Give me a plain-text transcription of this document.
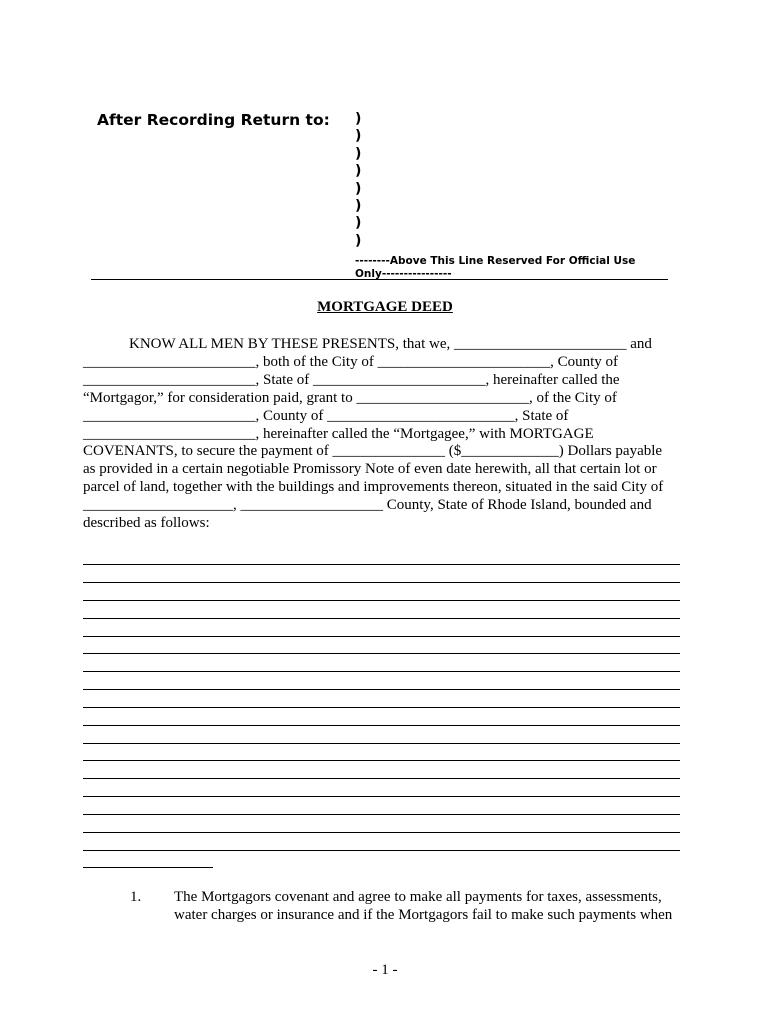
After Recording Return to: )
)
)
)
)
)
)
)
--------Above This Line Reserved For Official Use
Only----------------
MORTGAGE DEED
KNOW ALL MEN BY THESE PRESENTS, that we, _______________________ and
_______________________, both of the City of _______________________, County of
_______________________, State of _______________________, hereinafter called the
“Mortgagor,” for consideration paid, grant to _______________________, of the City of
_______________________, County of _________________________, State of
_______________________, hereinafter called the “Mortgagee,” with MORTGAGE
COVENANTS, to secure the payment of _______________ ($_____________) Dollars payable
as provided in a certain negotiable Promissory Note of even date herewith, all that certain lot or
parcel of land, together with the buildings and improvements thereon, situated in the said City of
____________________, ___________________ County, State of Rhode Island, bounded and
described as follows:
1. The Mortgagors covenant and agree to make all payments for taxes, assessments,
water charges or insurance and if the Mortgagors fail to make such payments when
- 1 -
